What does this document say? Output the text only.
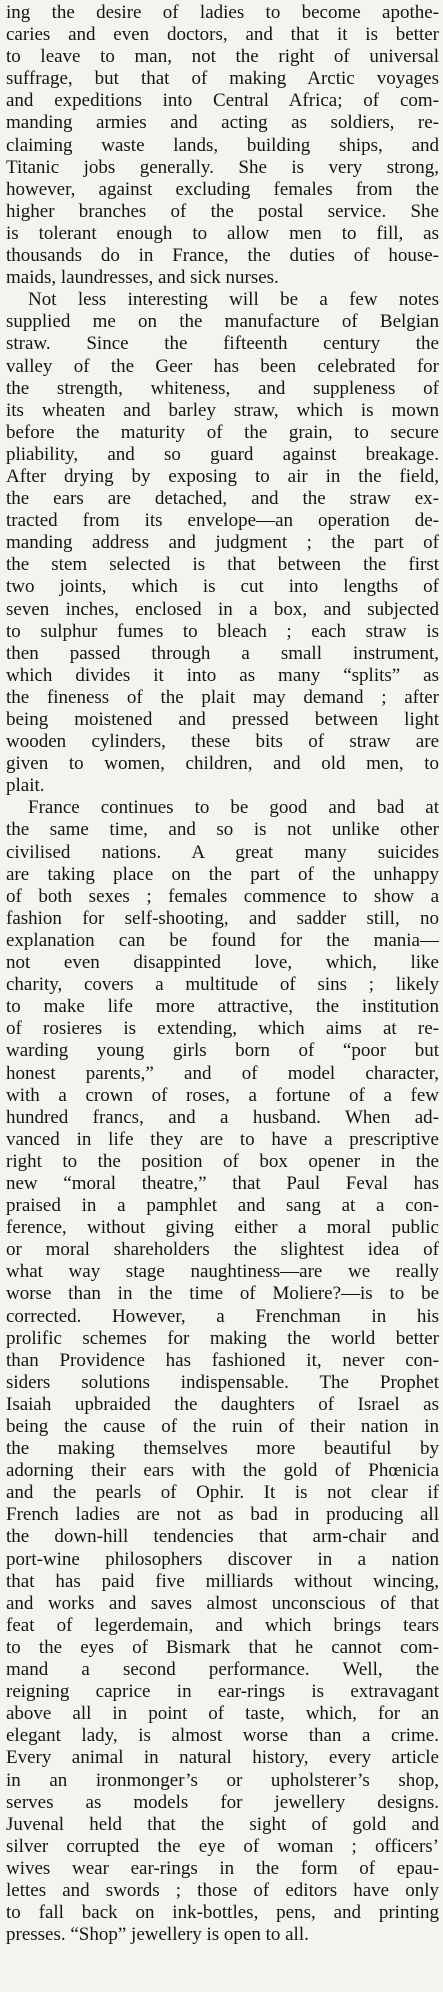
ing the desire of ladies to become apothe-
caries and even doctors, and that it is better
to leave to man, not the right of universal
suffrage, but that of making Arctic voyages
and expeditions into Central Africa; of com-
manding armies and acting as soldiers, re-
claiming waste lands, building ships, and
Titanic jobs generally. She is very strong,
however, against excluding females from the
higher branches of the postal service. She
is tolerant enough to allow men to fill, as
thousands do in France, the duties of house-
maids, laundresses, and sick nurses.
Not less interesting will be a few notes
supplied me on the manufacture of Belgian
straw. Since the fifteenth century the
valley of the Geer has been celebrated for
the strength, whiteness, and suppleness of
its wheaten and barley straw, which is mown
before the maturity of the grain, to secure
pliability, and so guard against breakage.
After drying by exposing to air in the field,
the ears are detached, and the straw ex-
tracted from its envelope—an operation de-
manding address and judgment ; the part of
the stem selected is that between the first
two joints, which is cut into lengths of
seven inches, enclosed in a box, and subjected
to sulphur fumes to bleach ; each straw is
then passed through a small instrument,
which divides it into as many “splits” as
the fineness of the plait may demand ; after
being moistened and pressed between light
wooden cylinders, these bits of straw are
given to women, children, and old men, to
plait.
France continues to be good and bad at
the same time, and so is not unlike other
civilised nations. A great many suicides
are taking place on the part of the unhappy
of both sexes ; females commence to show a
fashion for self-shooting, and sadder still, no
explanation can be found for the mania—
not even disappinted love, which, like
charity, covers a multitude of sins ; likely
to make life more attractive, the institution
of rosieres is extending, which aims at re-
warding young girls born of “poor but
honest parents,” and of model character,
with a crown of roses, a fortune of a few
hundred francs, and a husband. When ad-
vanced in life they are to have a prescriptive
right to the position of box opener in the
new “moral theatre,” that Paul Feval has
praised in a pamphlet and sang at a con-
ference, without giving either a moral public
or moral shareholders the slightest idea of
what way stage naughtiness—are we really
worse than in the time of Moliere?—is to be
corrected. However, a Frenchman in his
prolific schemes for making the world better
than Providence has fashioned it, never con-
siders solutions indispensable. The Prophet
Isaiah upbraided the daughters of Israel as
being the cause of the ruin of their nation in
the making themselves more beautiful by
adorning their ears with the gold of Phœnicia
and the pearls of Ophir. It is not clear if
French ladies are not as bad in producing all
the down-hill tendencies that arm-chair and
port-wine philosophers discover in a nation
that has paid five milliards without wincing,
and works and saves almost unconscious of that
feat of legerdemain, and which brings tears
to the eyes of Bismark that he cannot com-
mand a second performance. Well, the
reigning caprice in ear-rings is extravagant
above all in point of taste, which, for an
elegant lady, is almost worse than a crime.
Every animal in natural history, every article
in an ironmonger’s or upholsterer’s shop,
serves as models for jewellery designs.
Juvenal held that the sight of gold and
silver corrupted the eye of woman ; officers’
wives wear ear-rings in the form of epau-
lettes and swords ; those of editors have only
to fall back on ink-bottles, pens, and printing
presses. “Shop” jewellery is open to all.
